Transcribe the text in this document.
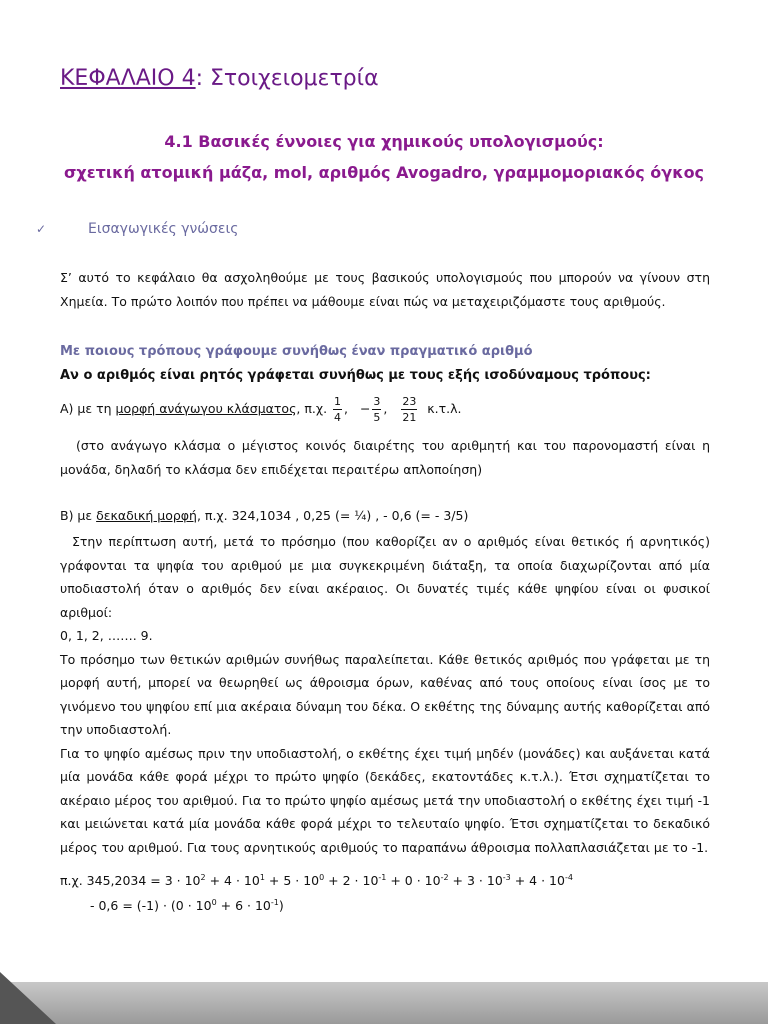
ΚΕΦΑΛΑΙΟ 4: Στοιχειομετρία
4.1 Βασικές έννοιες για χημικούς υπολογισμούς:
σχετική ατομική μάζα, mol, αριθμός Avogadro, γραμμομοριακός όγκος
✓	Εισαγωγικές γνώσεις
Σ’ αυτό το κεφάλαιο θα ασχοληθούμε με τους βασικούς υπολογισμούς που μπορούν να γίνουν στη
Χημεία. Το πρώτο λοιπόν που πρέπει να μάθουμε είναι πώς να μεταχειριζόμαστε τους αριθμούς.
Με ποιους τρόπους γράφουμε συνήθως έναν πραγματικό αριθμό
Αν ο αριθμός είναι ρητός γράφεται συνήθως με τους εξής ισοδύναμους τρόπους:
Α) με τη μορφή ανάγωγου κλάσματος, π.χ. $\frac{1}{4}$ ,   − $\frac{3}{5}$ , $\frac{23}{21} \kappa.\tau.\lambda$.
(στο ανάγωγο κλάσμα ο μέγιστος κοινός διαιρέτης του αριθμητή και του παρονομαστή είναι η
μονάδα, δηλαδή το κλάσμα δεν επιδέχεται περαιτέρω απλοποίηση)
Β) με δεκαδική μορφή, π.χ. 324,1034 , 0,25 (= ¼) , - 0,6 (= - 3/5)
Στην περίπτωση αυτή, μετά το πρόσημο (που καθορίζει αν ο αριθμός είναι θετικός ή αρνητικός)
γράφονται τα ψηφία του αριθμού με μια συγκεκριμένη διάταξη, τα οποία διαχωρίζονται από μία
υποδιαστολή όταν ο αριθμός δεν είναι ακέραιος. Οι δυνατές τιμές κάθε ψηφίου είναι οι φυσικοί αριθμοί:
0, 1, 2, ……. 9.
Το πρόσημο των θετικών αριθμών συνήθως παραλείπεται. Κάθε θετικός αριθμός που γράφεται με τη
μορφή αυτή, μπορεί να θεωρηθεί ως άθροισμα όρων, καθένας από τους οποίους είναι ίσος με το
γινόμενο του ψηφίου επί μια ακέραια δύναμη του δέκα. Ο εκθέτης της δύναμης αυτής καθορίζεται από
την υποδιαστολή.
Για το ψηφίο αμέσως πριν την υποδιαστολή, ο εκθέτης έχει τιμή μηδέν (μονάδες) και αυξάνεται κατά
μία μονάδα κάθε φορά μέχρι το πρώτο ψηφίο (δεκάδες, εκατοντάδες κ.τ.λ.). Έτσι σχηματίζεται το
ακέραιο μέρος του αριθμού. Για το πρώτο ψηφίο αμέσως μετά την υποδιαστολή ο εκθέτης έχει τιμή -1
και μειώνεται κατά μία μονάδα κάθε φορά μέχρι το τελευταίο ψηφίο. Έτσι σχηματίζεται το δεκαδικό
μέρος του αριθμού. Για τους αρνητικούς αριθμούς το παραπάνω άθροισμα πολλαπλασιάζεται με το -1.
π.χ. $345,2034 = 3 \cdot 10^2 + 4 \cdot 10^1 + 5 \cdot 10^0 + 2 \cdot 10^{-1} + 0 \cdot 10^{-2} + 3 \cdot 10^{-3} + 4 \cdot 10^{-4}$
- $0,6 = (-1) \cdot (0 \cdot 10^0 + 6 \cdot 10^{-1})$
